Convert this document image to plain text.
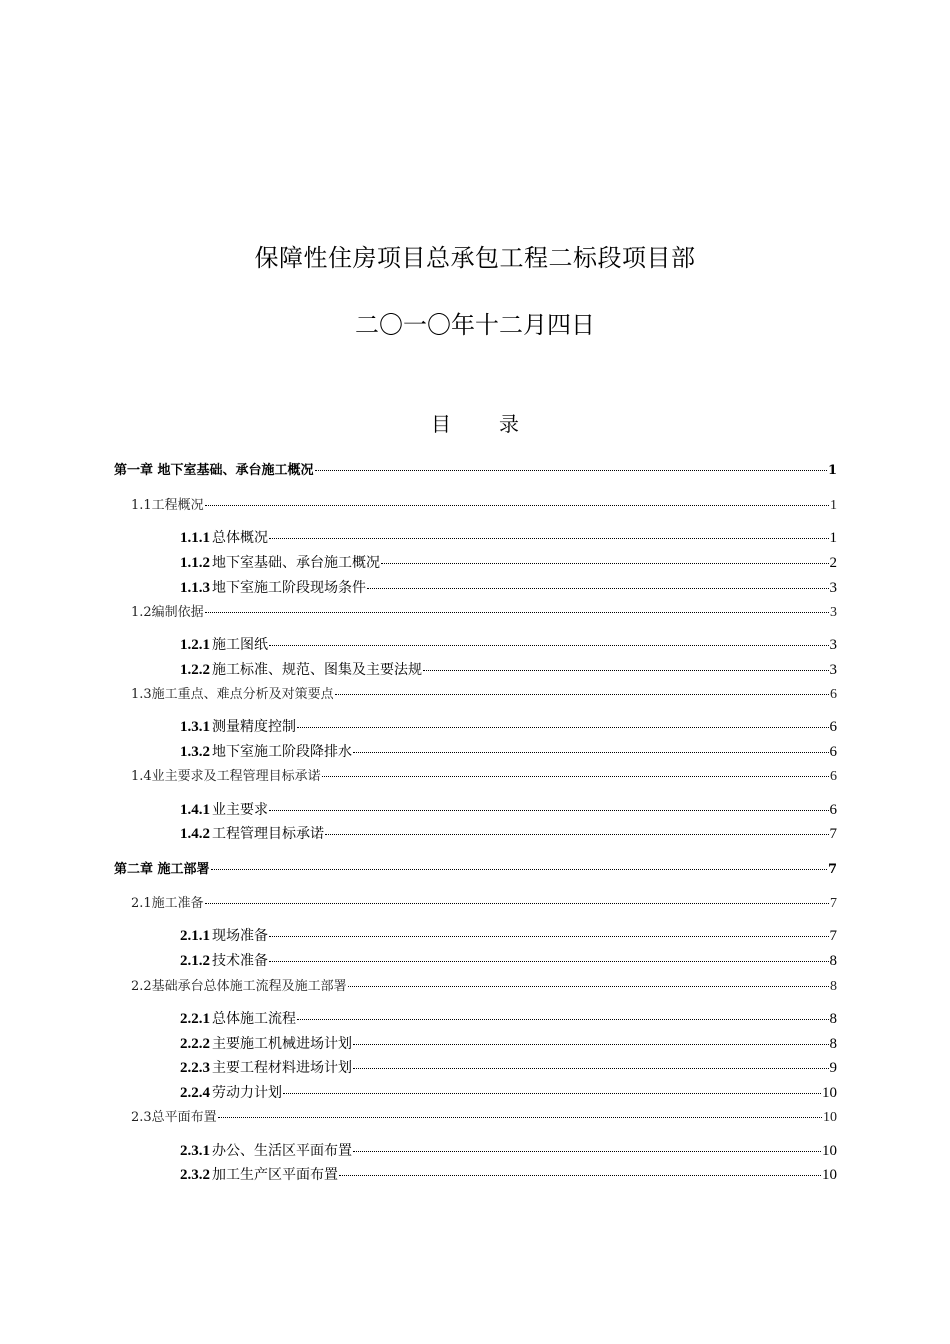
保障性住房项目总承包工程二标段项目部
二〇一〇年十二月四日
目 录
第一章 地下室基础、承台施工概况	1
1.1工程概况	1
1.1.1 总体概况	1
1.1.2 地下室基础、承台施工概况	2
1.1.3 地下室施工阶段现场条件	3
1.2编制依据	3
1.2.1 施工图纸	3
1.2.2 施工标准、规范、图集及主要法规	3
1.3施工重点、难点分析及对策要点	6
1.3.1 测量精度控制	6
1.3.2 地下室施工阶段降排水	6
1.4业主要求及工程管理目标承诺	6
1.4.1 业主要求	6
1.4.2 工程管理目标承诺	7
第二章 施工部署	7
2.1施工准备	7
2.1.1 现场准备	7
2.1.2 技术准备	8
2.2基础承台总体施工流程及施工部署	8
2.2.1 总体施工流程	8
2.2.2 主要施工机械进场计划	8
2.2.3 主要工程材料进场计划	9
2.2.4 劳动力计划	10
2.3总平面布置	10
2.3.1 办公、生活区平面布置	10
2.3.2 加工生产区平面布置	10
